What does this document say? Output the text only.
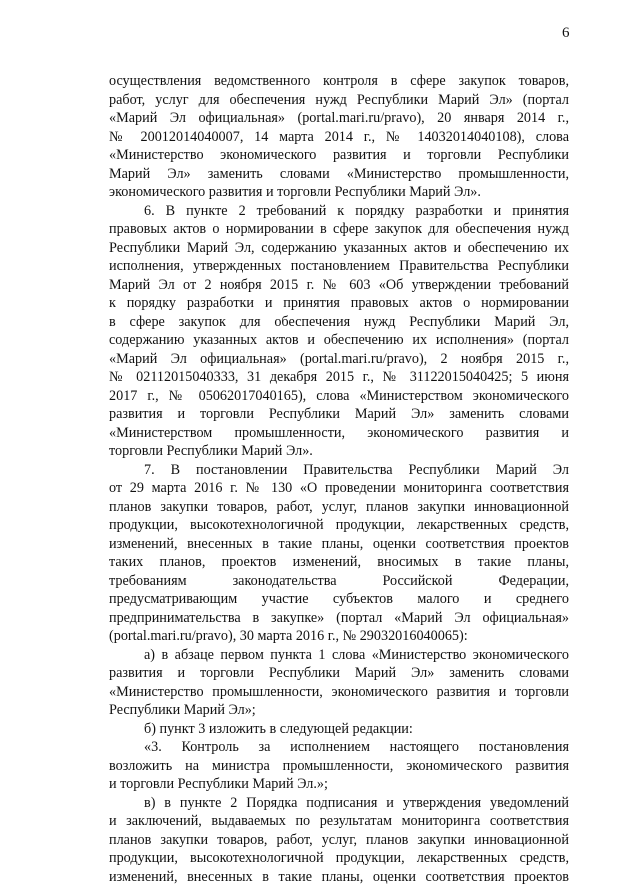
6
осуществления ведомственного контроля в сфере закупок товаров,
работ, услуг для обеспечения нужд Республики Марий Эл» (портал
«Марий Эл официальная» (portal.mari.ru/pravo), 20 января 2014 г.,
№ 20012014040007, 14 марта 2014 г., № 14032014040108), слова
«Министерство экономического развития и торговли Республики
Марий Эл» заменить словами «Министерство промышленности,
экономического развития и торговли Республики Марий Эл».
6. В пункте 2 требований к порядку разработки и принятия
правовых актов о нормировании в сфере закупок для обеспечения нужд
Республики Марий Эл, содержанию указанных актов и обеспечению их
исполнения, утвержденных постановлением Правительства Республики
Марий Эл от 2 ноября 2015 г. № 603 «Об утверждении требований
к порядку разработки и принятия правовых актов о нормировании
в сфере закупок для обеспечения нужд Республики Марий Эл,
содержанию указанных актов и обеспечению их исполнения» (портал
«Марий Эл официальная» (portal.mari.ru/pravo), 2 ноября 2015 г.,
№ 02112015040333, 31 декабря 2015 г., № 31122015040425; 5 июня
2017 г., № 05062017040165), слова «Министерством экономического
развития и торговли Республики Марий Эл» заменить словами
«Министерством промышленности, экономического развития и
торговли Республики Марий Эл».
7. В постановлении Правительства Республики Марий Эл
от 29 марта 2016 г. № 130 «О проведении мониторинга соответствия
планов закупки товаров, работ, услуг, планов закупки инновационной
продукции, высокотехнологичной продукции, лекарственных средств,
изменений, внесенных в такие планы, оценки соответствия проектов
таких планов, проектов изменений, вносимых в такие планы,
требованиям законодательства Российской Федерации,
предусматривающим участие субъектов малого и среднего
предпринимательства в закупке» (портал «Марий Эл официальная»
(portal.mari.ru/pravo), 30 марта 2016 г., № 29032016040065):
а) в абзаце первом пункта 1 слова «Министерство экономического
развития и торговли Республики Марий Эл» заменить словами
«Министерство промышленности, экономического развития и торговли
Республики Марий Эл»;
б) пункт 3 изложить в следующей редакции:
«3. Контроль за исполнением настоящего постановления
возложить на министра промышленности, экономического развития
и торговли Республики Марий Эл.»;
в) в пункте 2 Порядка подписания и утверждения уведомлений
и заключений, выдаваемых по результатам мониторинга соответствия
планов закупки товаров, работ, услуг, планов закупки инновационной
продукции, высокотехнологичной продукции, лекарственных средств,
изменений, внесенных в такие планы, оценки соответствия проектов
